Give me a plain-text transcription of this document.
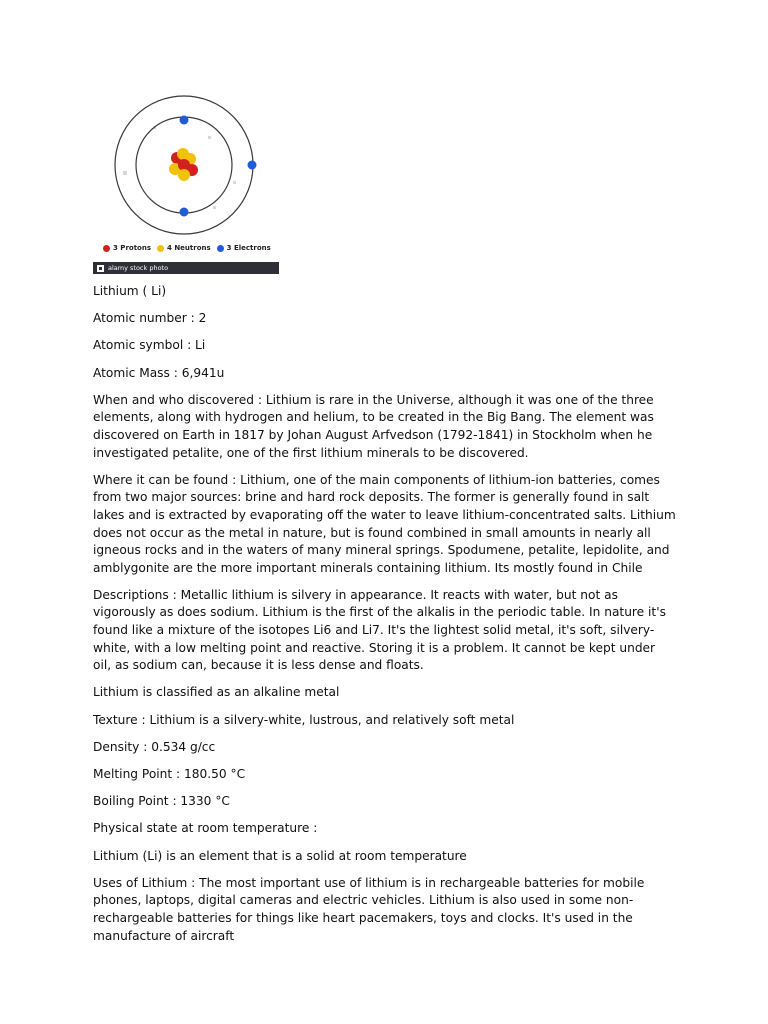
3 Protons 4 Neutrons 3 Electrons
alamy stock photo

Lithium ( Li)

Atomic number : 2

Atomic symbol : Li

Atomic Mass : 6,941u

When and who discovered : Lithium is rare in the Universe, although it was one of the three elements, along with hydrogen and helium, to be created in the Big Bang. The element was discovered on Earth in 1817 by Johan August Arfvedson (1792-1841) in Stockholm when he investigated petalite, one of the first lithium minerals to be discovered.

Where it can be found : Lithium, one of the main components of lithium-ion batteries, comes from two major sources: brine and hard rock deposits. The former is generally found in salt lakes and is extracted by evaporating off the water to leave lithium-concentrated salts. Lithium does not occur as the metal in nature, but is found combined in small amounts in nearly all igneous rocks and in the waters of many mineral springs. Spodumene, petalite, lepidolite, and amblygonite are the more important minerals containing lithium. Its mostly found in Chile

Descriptions : Metallic lithium is silvery in appearance. It reacts with water, but not as vigorously as does sodium. Lithium is the first of the alkalis in the periodic table. In nature it's found like a mixture of the isotopes Li6 and Li7. It's the lightest solid metal, it's soft, silvery-white, with a low melting point and reactive. Storing it is a problem. It cannot be kept under oil, as sodium can, because it is less dense and floats.

Lithium is classified as an alkaline metal

Texture : Lithium is a silvery-white, lustrous, and relatively soft metal

Density : 0.534 g/cc

Melting Point : 180.50 °C

Boiling Point : 1330 °C

Physical state at room temperature :

Lithium (Li) is an element that is a solid at room temperature

Uses of Lithium : The most important use of lithium is in rechargeable batteries for mobile phones, laptops, digital cameras and electric vehicles. Lithium is also used in some non-rechargeable batteries for things like heart pacemakers, toys and clocks. It's used in the manufacture of aircraft
